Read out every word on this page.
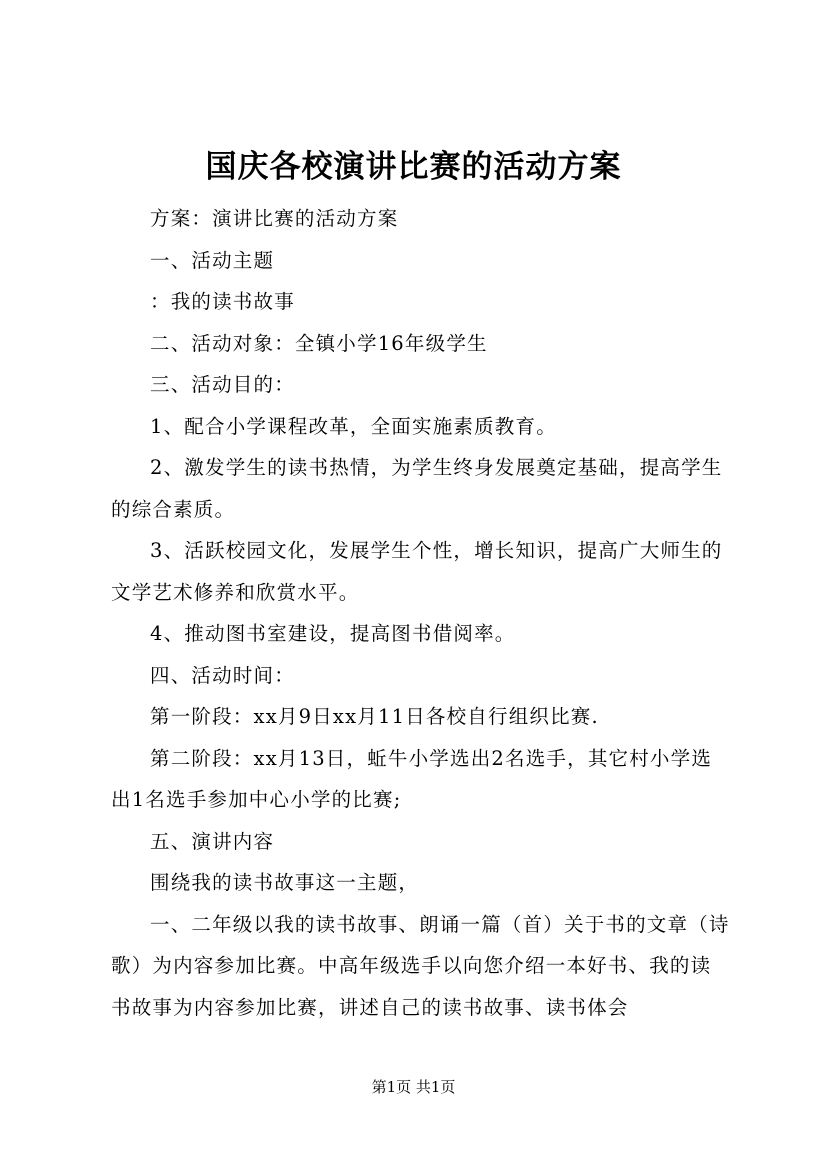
国庆各校演讲比赛的活动方案

方案：演讲比赛的活动方案

一、活动主题

：我的读书故事

二、活动对象：全镇小学16年级学生

三、活动目的：

1、配合小学课程改革，全面实施素质教育。

2、激发学生的读书热情，为学生终身发展奠定基础，提高学生的综合素质。

3、活跃校园文化，发展学生个性，增长知识，提高广大师生的文学艺术修养和欣赏水平。

4、推动图书室建设，提高图书借阅率。

四、活动时间：

第一阶段：xx月9日xx月11日各校自行组织比赛.

第二阶段：xx月13日，蚯牛小学选出2名选手，其它村小学选出1名选手参加中心小学的比赛;

五、演讲内容

围绕我的读书故事这一主题，

一、二年级以我的读书故事、朗诵一篇（首）关于书的文章（诗歌）为内容参加比赛。中高年级选手以向您介绍一本好书、我的读书故事为内容参加比赛，讲述自己的读书故事、读书体会

第1页 共1页
